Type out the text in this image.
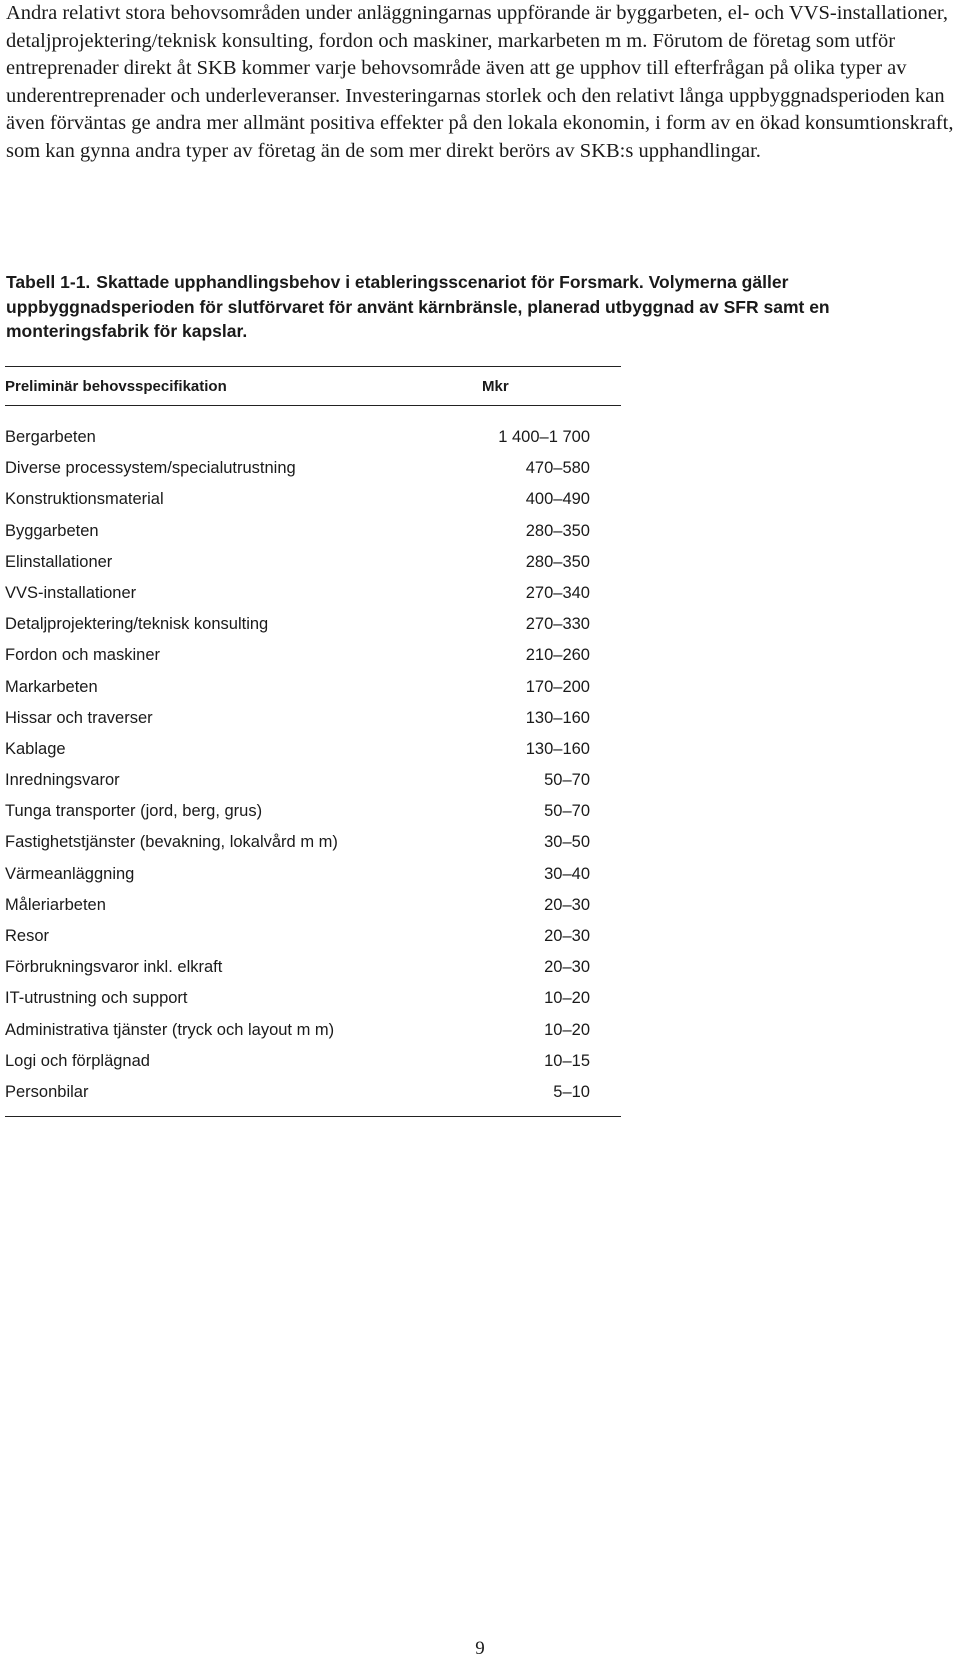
Andra relativt stora behovsområden under anläggningarnas uppförande är byggarbeten, el- och VVS-installationer, detaljprojektering/teknisk konsulting, fordon och maskiner, markarbeten m m. Förutom de företag som utför entreprenader direkt åt SKB kommer varje behovsområde även att ge upphov till efterfrågan på olika typer av underentreprenader och underleveranser. Investeringarnas storlek och den relativt långa uppbyggnadsperioden kan även förväntas ge andra mer allmänt positiva effekter på den lokala ekonomin, i form av en ökad konsumtionskraft, som kan gynna andra typer av företag än de som mer direkt berörs av SKB:s upphandlingar.

Tabell 1-1. Skattade upphandlingsbehov i etableringsscenariot för Forsmark. Volymerna gäller uppbyggnadsperioden för slutförvaret för använt kärnbränsle, planerad utbyggnad av SFR samt en monteringsfabrik för kapslar.

Preliminär behovsspecifikation	Mkr
Bergarbeten	1 400–1 700
Diverse processystem/specialutrustning	470–580
Konstruktionsmaterial	400–490
Byggarbeten	280–350
Elinstallationer	280–350
VVS-installationer	270–340
Detaljprojektering/teknisk konsulting	270–330
Fordon och maskiner	210–260
Markarbeten	170–200
Hissar och traverser	130–160
Kablage	130–160
Inredningsvaror	50–70
Tunga transporter (jord, berg, grus)	50–70
Fastighetstjänster (bevakning, lokalvård m m)	30–50
Värmeanläggning	30–40
Måleriarbeten	20–30
Resor	20–30
Förbrukningsvaror inkl. elkraft	20–30
IT-utrustning och support	10–20
Administrativa tjänster (tryck och layout m m)	10–20
Logi och förplägnad	10–15
Personbilar	5–10
9
